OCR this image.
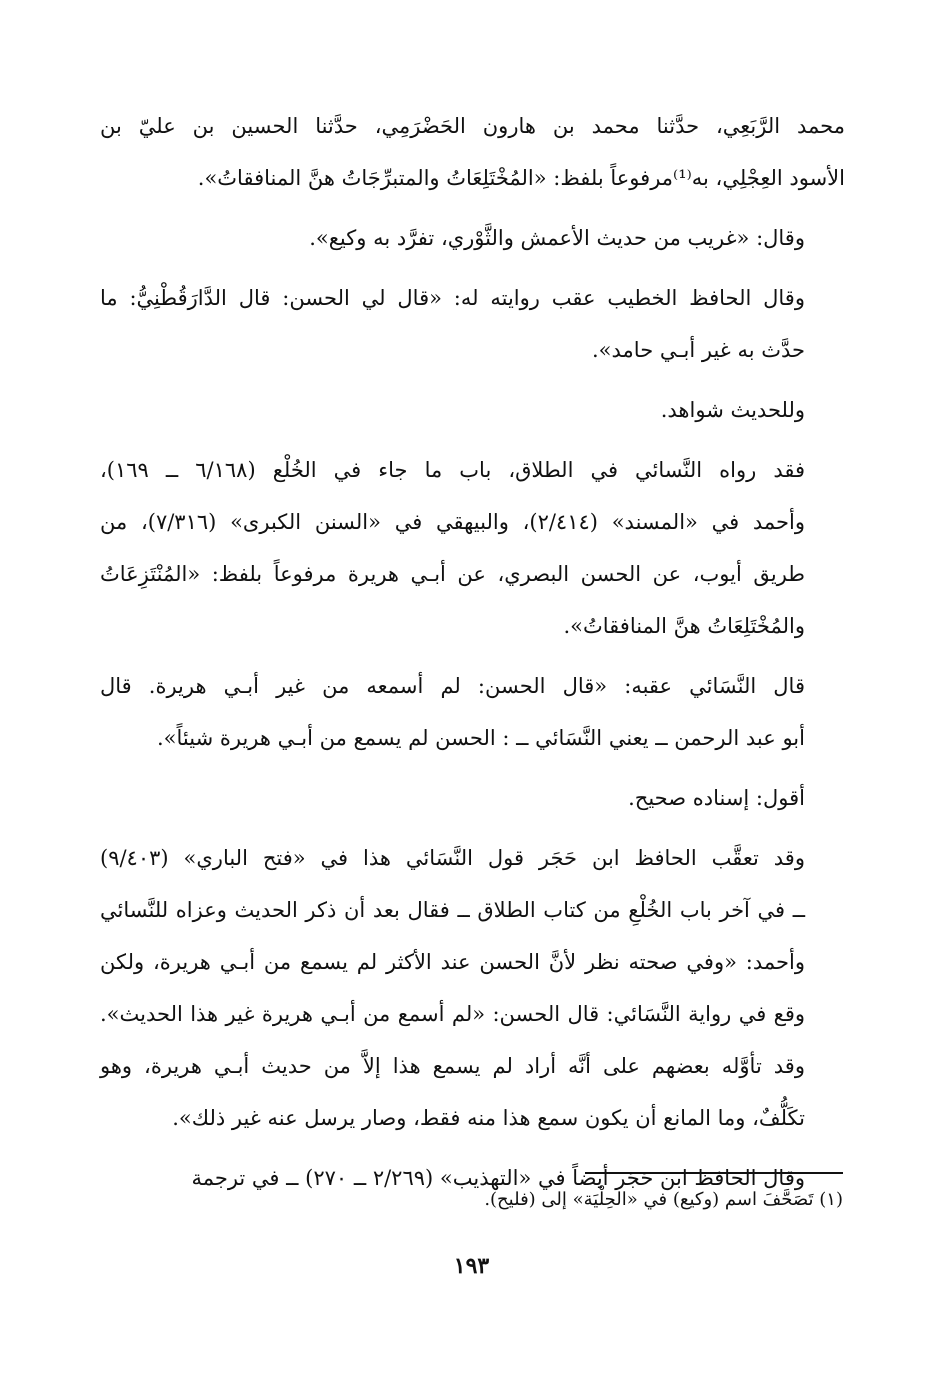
محمد الرَّبَعِي، حدَّثنا محمد بن هارون الحَضْرَمِي، حدَّثنا الحسين بن عليّ بن
الأسود العِجْلِي، به⁽¹⁾مرفوعاً بلفظ: «المُخْتَلِعَاتُ والمتبرِّجَاتُ هنَّ المنافقاتُ».
وقال: «غريب من حديث الأعمش والثَّوْري، تفرَّد به وكيع».
وقال الحافظ الخطيب عقب روايته له: «قال لي الحسن: قال الدَّارَقُطْنِيُّ: ما
حدَّث به غير أبـي حامد».
وللحديث شواهد.
فقد رواه النَّسائي في الطلاق، باب ما جاء في الخُلْع (٦/١٦٨ ــ ١٦٩)،
وأحمد في «المسند» (٢/٤١٤)، والبيهقي في «السنن الكبرى» (٧/٣١٦)، من
طريق أيوب، عن الحسن البصري، عن أبـي هريرة مرفوعاً بلفظ: «المُنْتَزِعَاتُ
والمُخْتَلِعَاتُ هنَّ المنافقاتُ».
قال النَّسَائي عقبه: «قال الحسن: لم أسمعه من غير أبـي هريرة. قال
أبو عبد الرحمن ــ يعني النَّسَائي ــ : الحسن لم يسمع من أبـي هريرة شيئاً».
أقول: إسناده صحيح.
وقد تعقَّب الحافظ ابن حَجَر قول النَّسَائي هذا في «فتح الباري» (٩/٤٠٣)
ــ في آخر باب الخُلْعِ من كتاب الطلاق ــ فقال بعد أن ذكر الحديث وعزاه للنَّسائي
وأحمد: «وفي صحته نظر لأنَّ الحسن عند الأكثر لم يسمع من أبـي هريرة، ولكن
وقع في رواية النَّسَائي: قال الحسن: «لم أسمع من أبـي هريرة غير هذا الحديث».
وقد تأوَّله بعضهم على أنَّه أراد لم يسمع هذا إلاَّ من حديث أبـي هريرة، وهو
تكَلُّفٌ، وما المانع أن يكون سمع هذا منه فقط، وصار يرسل عنه غير ذلك».
وقال الحافظ ابن حَجَر أيضاً في «التهذيب» (٢/٢٦٩ ــ ٢٧٠) ــ في ترجمة
(١) تَصَحَّفَ اسم (وكيع) في «الحِلْيَة» إلى (فليح).
١٩٣
